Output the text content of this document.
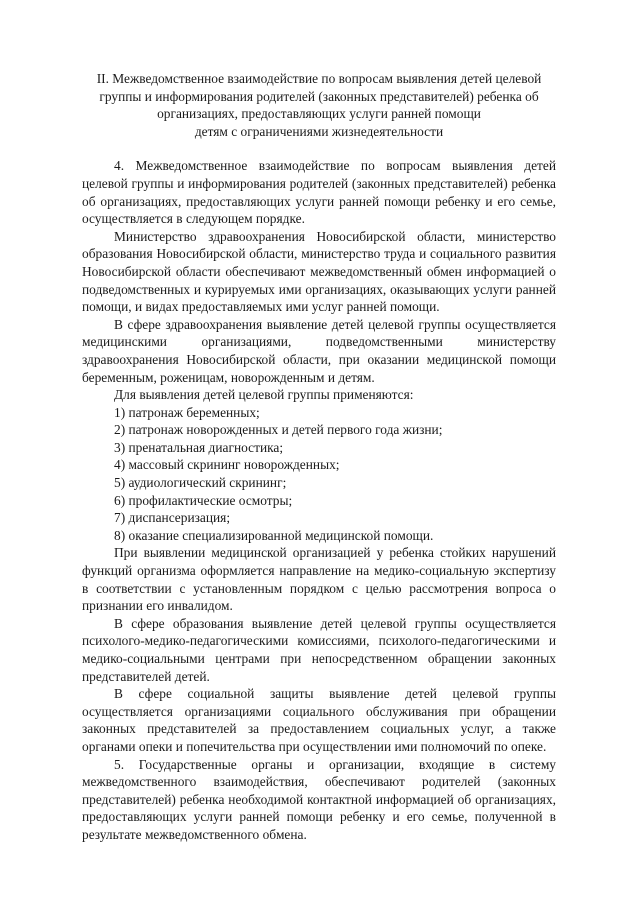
II. Межведомственное взаимодействие по вопросам выявления детей целевой
группы и информирования родителей (законных представителей) ребенка об
организациях, предоставляющих услуги ранней помощи
детям с ограничениями жизнедеятельности

4. Межведомственное взаимодействие по вопросам выявления детей целевой группы и информирования родителей (законных представителей) ребенка об организациях, предоставляющих услуги ранней помощи ребенку и его семье, осуществляется в следующем порядке.

Министерство здравоохранения Новосибирской области, министерство образования Новосибирской области, министерство труда и социального развития Новосибирской области обеспечивают межведомственный обмен информацией о подведомственных и курируемых ими организациях, оказывающих услуги ранней помощи, и видах предоставляемых ими услуг ранней помощи.

В сфере здравоохранения выявление детей целевой группы осуществляется медицинскими организациями, подведомственными министерству здравоохранения Новосибирской области, при оказании медицинской помощи беременным, роженицам, новорожденным и детям.

Для выявления детей целевой группы применяются:

1) патронаж беременных;

2) патронаж новорожденных и детей первого года жизни;

3) пренатальная диагностика;

4) массовый скрининг новорожденных;

5) аудиологический скрининг;

6) профилактические осмотры;

7) диспансеризация;

8) оказание специализированной медицинской помощи.

При выявлении медицинской организацией у ребенка стойких нарушений функций организма оформляется направление на медико-социальную экспертизу в соответствии с установленным порядком с целью рассмотрения вопроса о признании его инвалидом.

В сфере образования выявление детей целевой группы осуществляется психолого-медико-педагогическими комиссиями, психолого-педагогическими и медико-социальными центрами при непосредственном обращении законных представителей детей.

В сфере социальной защиты выявление детей целевой группы осуществляется организациями социального обслуживания при обращении законных представителей за предоставлением социальных услуг, а также органами опеки и попечительства при осуществлении ими полномочий по опеке.

5. Государственные органы и организации, входящие в систему межведомственного взаимодействия, обеспечивают родителей (законных представителей) ребенка необходимой контактной информацией об организациях, предоставляющих услуги ранней помощи ребенку и его семье, полученной в результате межведомственного обмена.
